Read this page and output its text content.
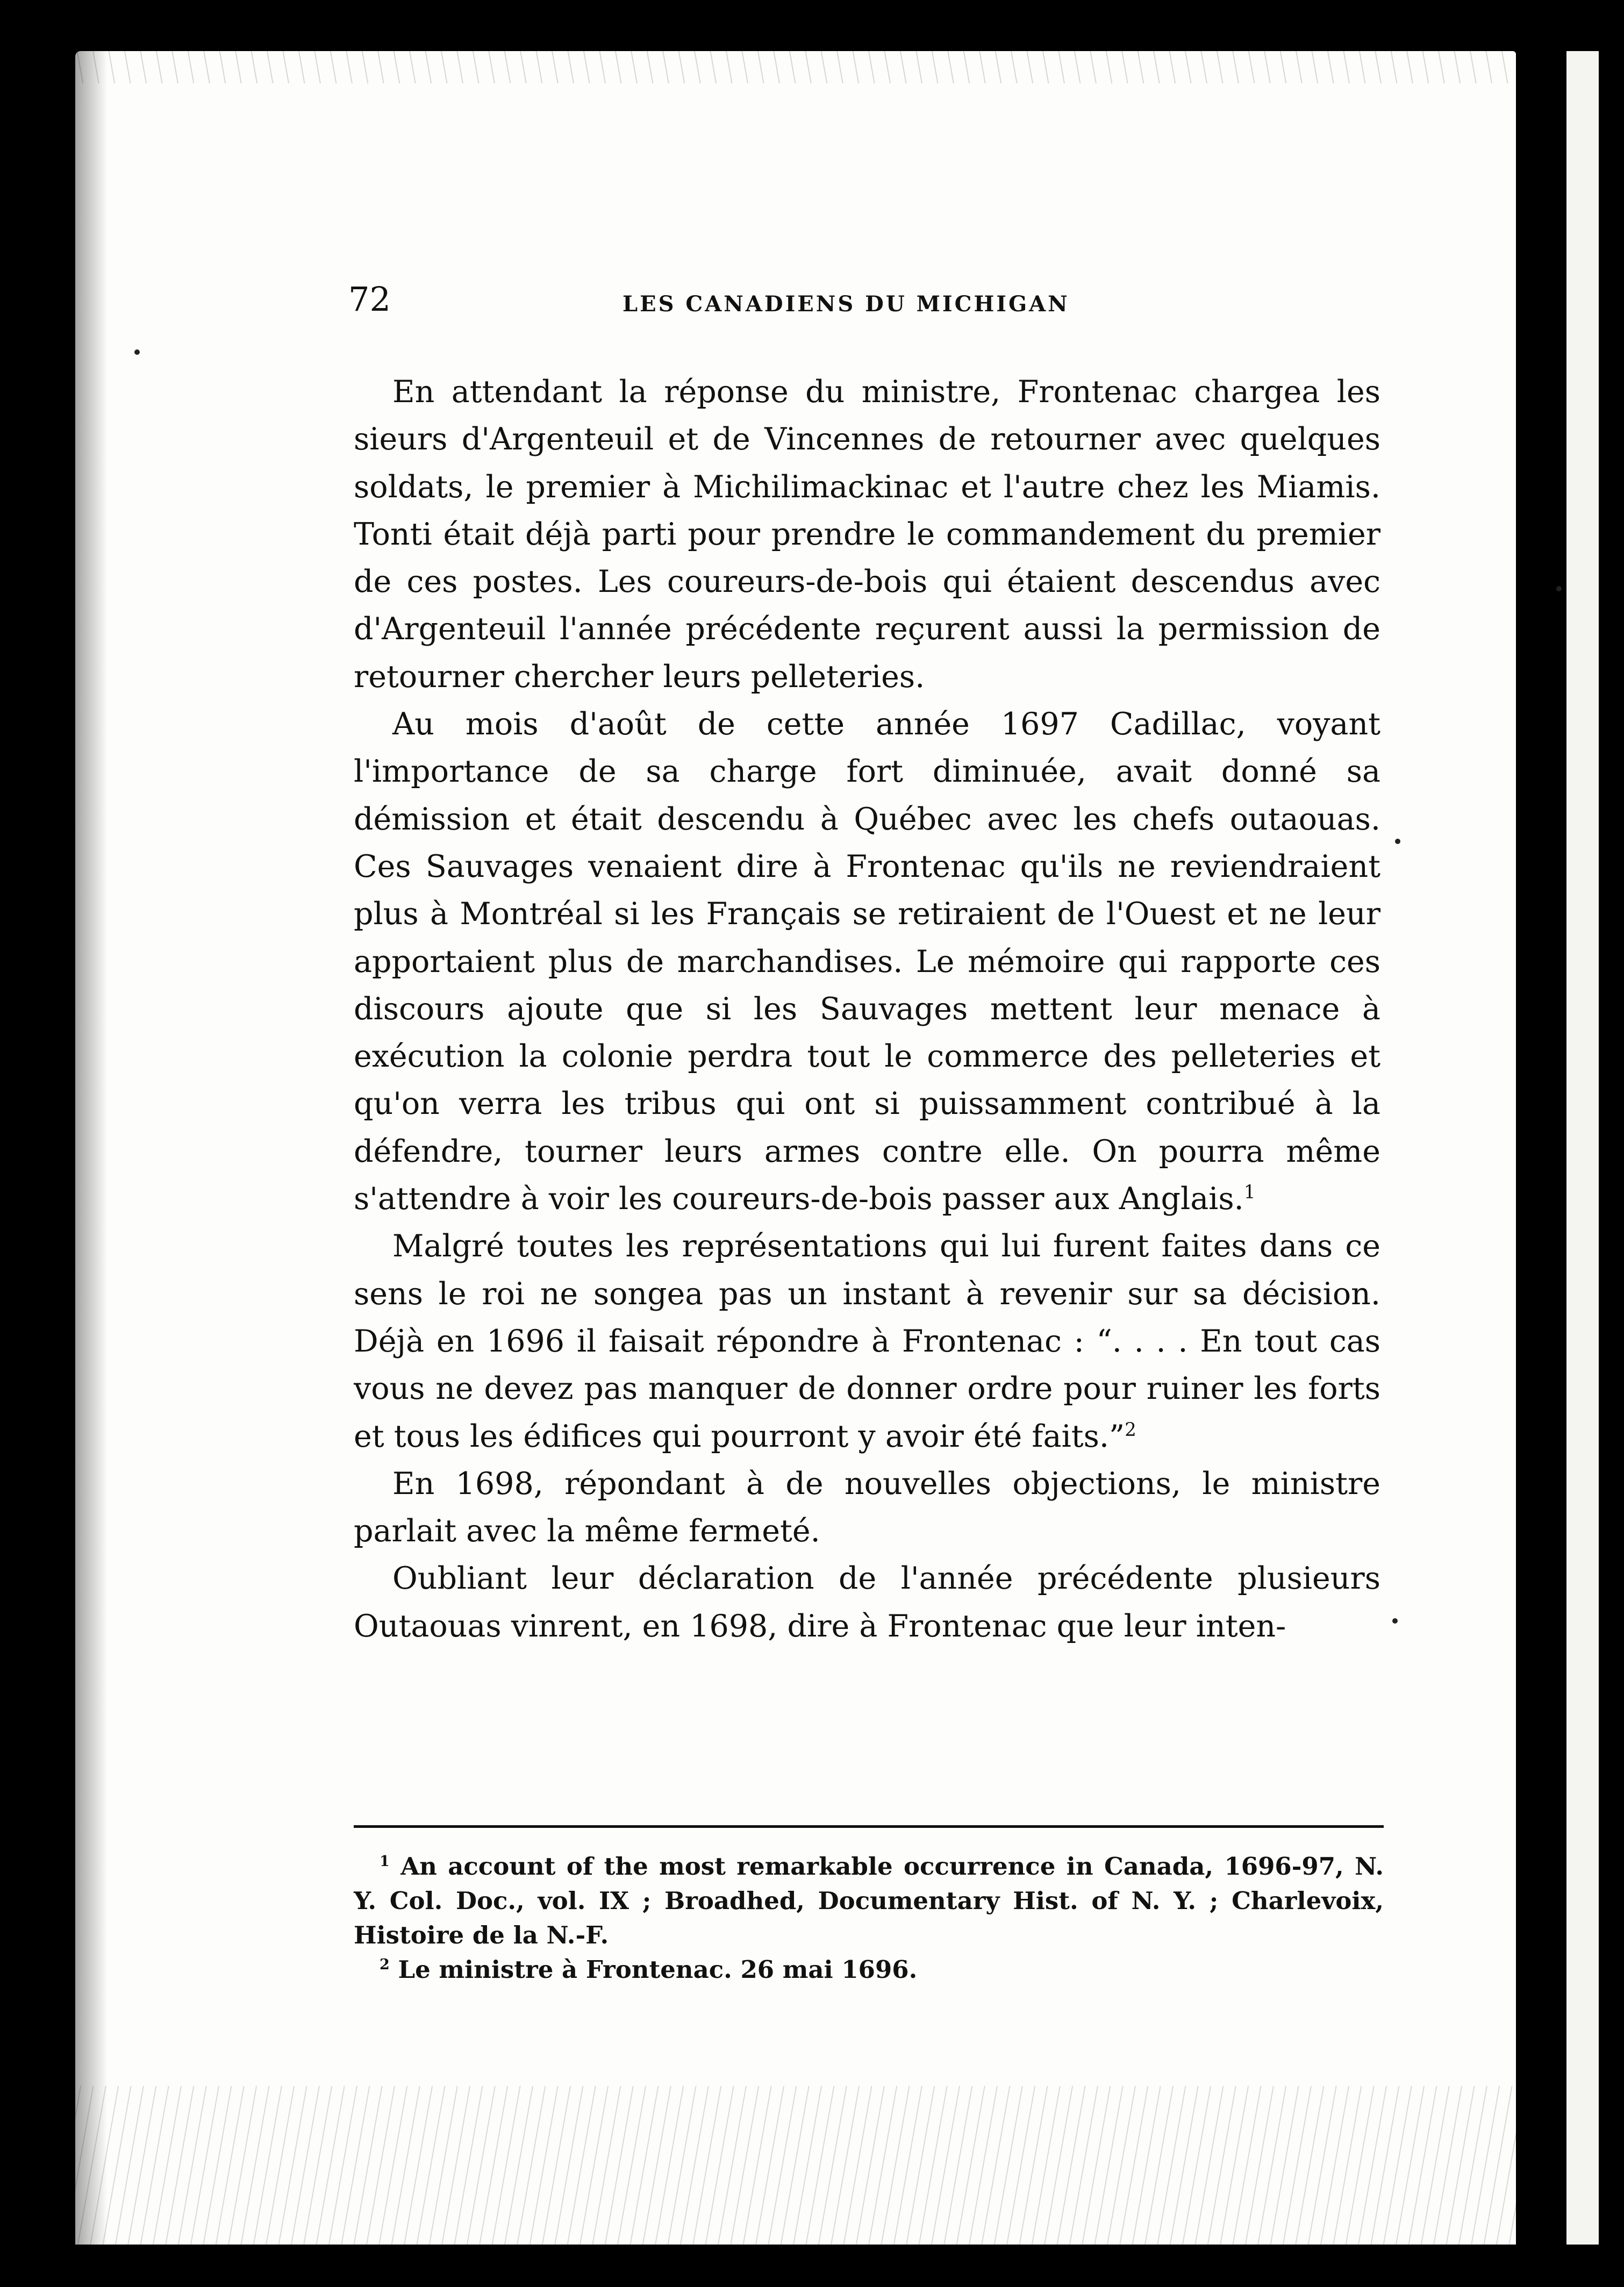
72	LES CANADIENS DU MICHIGAN

En attendant la réponse du ministre, Frontenac chargea les sieurs d'Argenteuil et de Vincennes de retourner avec quelques soldats, le premier à Michilimackinac et l'autre chez les Miamis. Tonti était déjà parti pour prendre le commandement du premier de ces postes. Les coureurs-de-bois qui étaient descendus avec d'Argenteuil l'année précédente reçurent aussi la permission de retourner chercher leurs pelleteries.

Au mois d'août de cette année 1697 Cadillac, voyant l'importance de sa charge fort diminuée, avait donné sa démission et était descendu à Québec avec les chefs outaouas. Ces Sauvages venaient dire à Frontenac qu'ils ne reviendraient plus à Montréal si les Français se retiraient de l'Ouest et ne leur apportaient plus de marchandises. Le mémoire qui rapporte ces discours ajoute que si les Sauvages mettent leur menace à exécution la colonie perdra tout le commerce des pelleteries et qu'on verra les tribus qui ont si puissamment contribué à la défendre, tourner leurs armes contre elle. On pourra même s'attendre à voir les coureurs-de-bois passer aux Anglais.$^1$

Malgré toutes les représentations qui lui furent faites dans ce sens le roi ne songea pas un instant à revenir sur sa décision. Déjà en 1696 il faisait répondre à Frontenac : “. . . . En tout cas vous ne devez pas manquer de donner ordre pour ruiner les forts et tous les édifices qui pourront y avoir été faits.”$^2$

En 1698, répondant à de nouvelles objections, le ministre parlait avec la même fermeté.

Oubliant leur déclaration de l'année précédente plusieurs Outaouas vinrent, en 1698, dire à Frontenac que leur inten-

$^1$ An account of the most remarkable occurrence in Canada, 1696-97, N. Y. Col. Doc., vol. IX ; Broadhed, Documentary Hist. of N. Y. ; Charlevoix, Histoire de la N.-F.

$^2$ Le ministre à Frontenac. 26 mai 1696.
